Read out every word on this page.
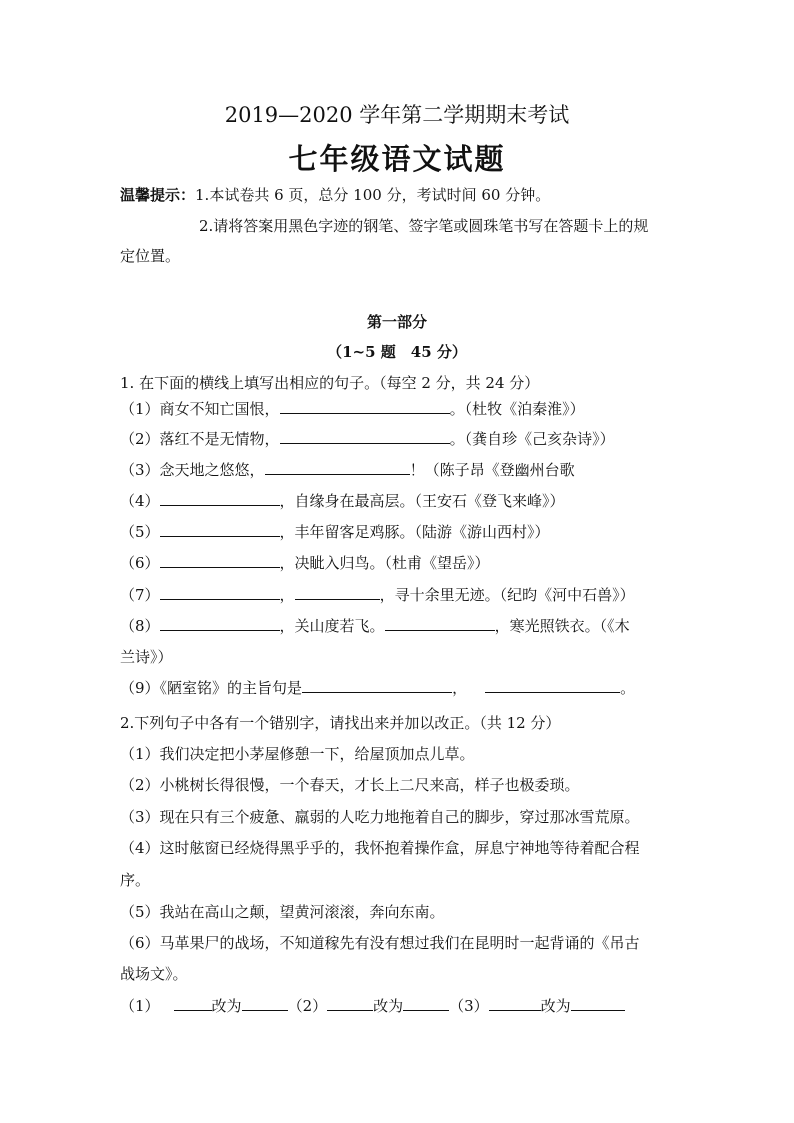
2019—2020 学年第二学期期末考试
七年级语文试题
温馨提示：1.本试卷共 6 页，总分 100 分，考试时间 60 分钟。
2.请将答案用黑色字迹的钢笔、签字笔或圆珠笔书写在答题卡上的规
定位置。
第一部分
（1~5 题　45 分）
1. 在下面的横线上填写出相应的句子。（每空 2 分，共 24 分）
（1）商女不知亡国恨，	。（杜牧《泊秦淮》）
（2）落红不是无情物，	。（龚自珍《己亥杂诗》）
（3）念天地之悠悠，	！（陈子昂《登幽州台歌
（4）	，自缘身在最高层。（王安石《登飞来峰》）
（5）	，丰年留客足鸡豚。（陆游《游山西村》）
（6）	，决眦入归鸟。（杜甫《望岳》）
（7）	，	，寻十余里无迹。（纪昀《河中石兽》）
（8）	，关山度若飞。	，寒光照铁衣。（《木
兰诗》）
（9）《陋室铭》的主旨句是	，	。
2.下列句子中各有一个错别字，请找出来并加以改正。（共 12 分）
（1）我们决定把小茅屋修憩一下，给屋顶加点儿草。
（2）小桃树长得很慢，一个春天，才长上二尺来高，样子也极委琐。
（3）现在只有三个疲惫、羸弱的人吃力地拖着自己的脚步，穿过那冰雪荒原。
（4）这时舷窗已经烧得黑乎乎的，我怀抱着操作盒，屏息宁神地等待着配合程
序。
（5）我站在高山之颠，望黄河滚滚，奔向东南。
（6）马革果尸的战场，不知道稼先有没有想过我们在昆明时一起背诵的《吊古
战场文》。
（1）	改为	（2）	改为	（3）	改为
